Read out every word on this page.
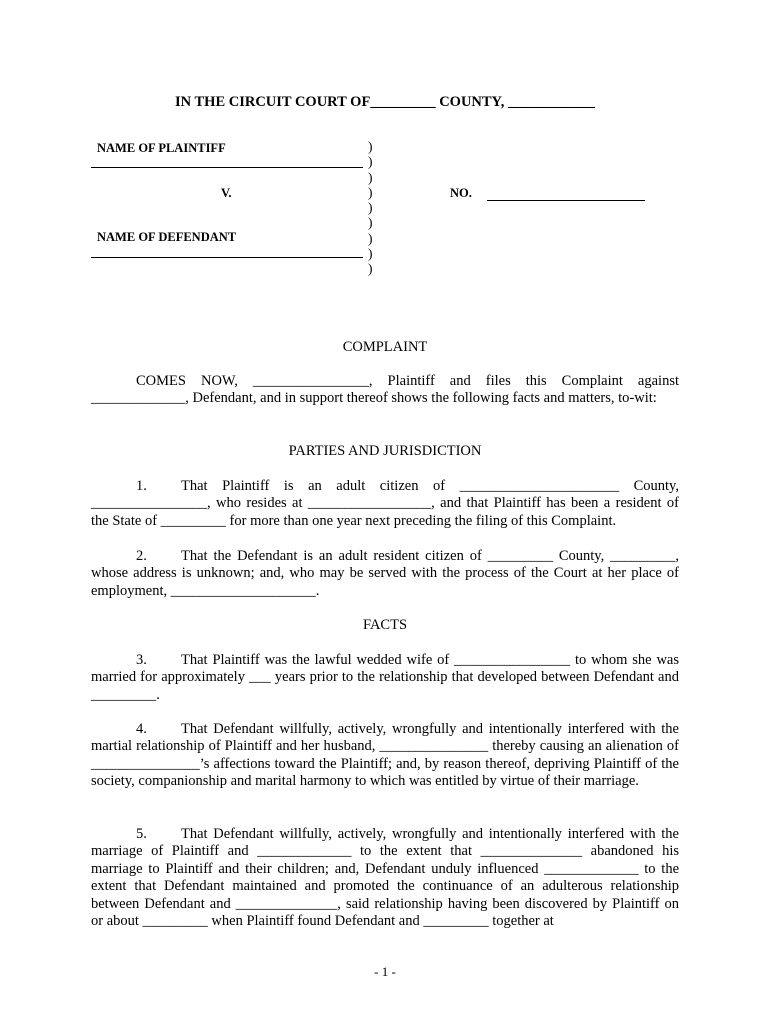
IN THE CIRCUIT COURT OF_________ COUNTY, ____________
NAME OF PLAINTIFF
V.
NAME OF DEFENDANT
)
)
)
)
)
)
)
)
)
NO.
COMPLAINT
COMES NOW, ________________, Plaintiff and files this Complaint against _____________, Defendant, and in support thereof shows the following facts and matters, to-wit:
PARTIES AND JURISDICTION
1. That Plaintiff is an adult citizen of ______________________ County, ________________, who resides at _________________, and that Plaintiff has been a resident of the State of _________ for more than one year next preceding the filing of this Complaint.
2. That the Defendant is an adult resident citizen of _________ County, _________, whose address is unknown; and, who may be served with the process of the Court at her place of employment, ____________________.
FACTS
3. That Plaintiff was the lawful wedded wife of ________________ to whom she was married for approximately ___ years prior to the relationship that developed between Defendant and _________.
4. That Defendant willfully, actively, wrongfully and intentionally interfered with the martial relationship of Plaintiff and her husband, _______________ thereby causing an alienation of _______________’s affections toward the Plaintiff; and, by reason thereof, depriving Plaintiff of the society, companionship and marital harmony to which was entitled by virtue of their marriage.
5. That Defendant willfully, actively, wrongfully and intentionally interfered with the marriage of Plaintiff and _____________ to the extent that ______________ abandoned his marriage to Plaintiff and their children; and, Defendant unduly influenced _____________ to the extent that Defendant maintained and promoted the continuance of an adulterous relationship between Defendant and ______________, said relationship having been discovered by Plaintiff on or about _________ when Plaintiff found Defendant and _________ together at
- 1 -
